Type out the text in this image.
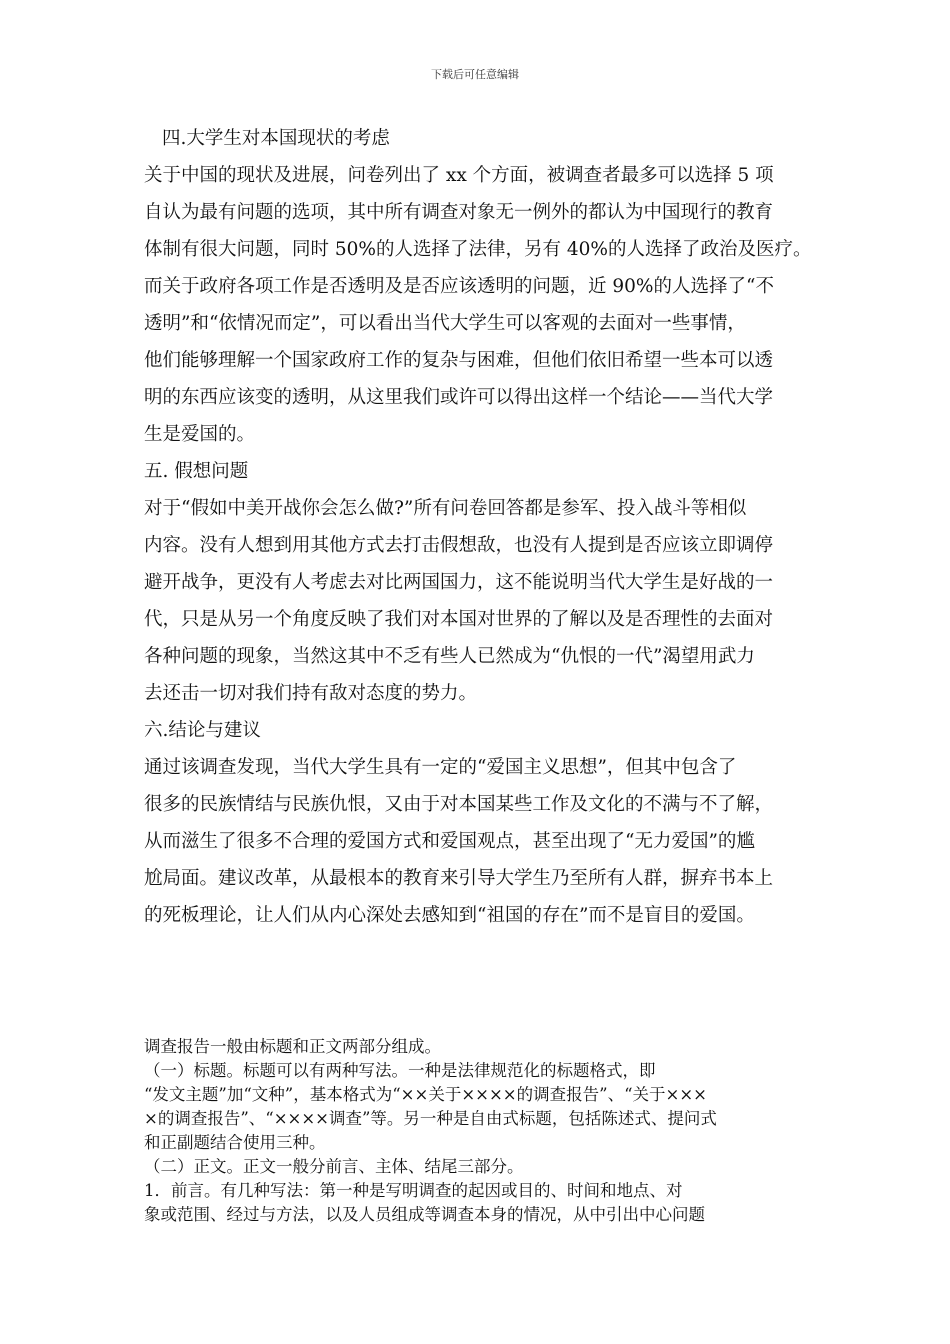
下载后可任意编辑
四.大学生对本国现状的考虑
关于中国的现状及进展，问卷列出了 xx 个方面，被调查者最多可以选择 5 项
自认为最有问题的选项，其中所有调查对象无一例外的都认为中国现行的教育
体制有很大问题，同时 50%的人选择了法律，另有 40%的人选择了政治及医疗。
而关于政府各项工作是否透明及是否应该透明的问题，近 90%的人选择了“不
透明”和“依情况而定”，可以看出当代大学生可以客观的去面对一些事情，
他们能够理解一个国家政府工作的复杂与困难，但他们依旧希望一些本可以透
明的东西应该变的透明，从这里我们或许可以得出这样一个结论——当代大学
生是爱国的。
五. 假想问题
对于“假如中美开战你会怎么做?”所有问卷回答都是参军、投入战斗等相似
内容。没有人想到用其他方式去打击假想敌，也没有人提到是否应该立即调停
避开战争，更没有人考虑去对比两国国力，这不能说明当代大学生是好战的一
代，只是从另一个角度反映了我们对本国对世界的了解以及是否理性的去面对
各种问题的现象，当然这其中不乏有些人已然成为“仇恨的一代”渴望用武力
去还击一切对我们持有敌对态度的势力。
六.结论与建议
通过该调查发现，当代大学生具有一定的“爱国主义思想”，但其中包含了
很多的民族情结与民族仇恨，又由于对本国某些工作及文化的不满与不了解，
从而滋生了很多不合理的爱国方式和爱国观点，甚至出现了“无力爱国”的尴
尬局面。建议改革，从最根本的教育来引导大学生乃至所有人群，摒弃书本上
的死板理论，让人们从内心深处去感知到“祖国的存在”而不是盲目的爱国。
调查报告一般由标题和正文两部分组成。
（一）标题。标题可以有两种写法。一种是法律规范化的标题格式，即
“发文主题”加“文种”，基本格式为“××关于××××的调查报告”、“关于×××
×的调查报告”、“××××调查”等。另一种是自由式标题，包括陈述式、提问式
和正副题结合使用三种。
（二）正文。正文一般分前言、主体、结尾三部分。
1．前言。有几种写法：第一种是写明调查的起因或目的、时间和地点、对
象或范围、经过与方法，以及人员组成等调查本身的情况，从中引出中心问题
